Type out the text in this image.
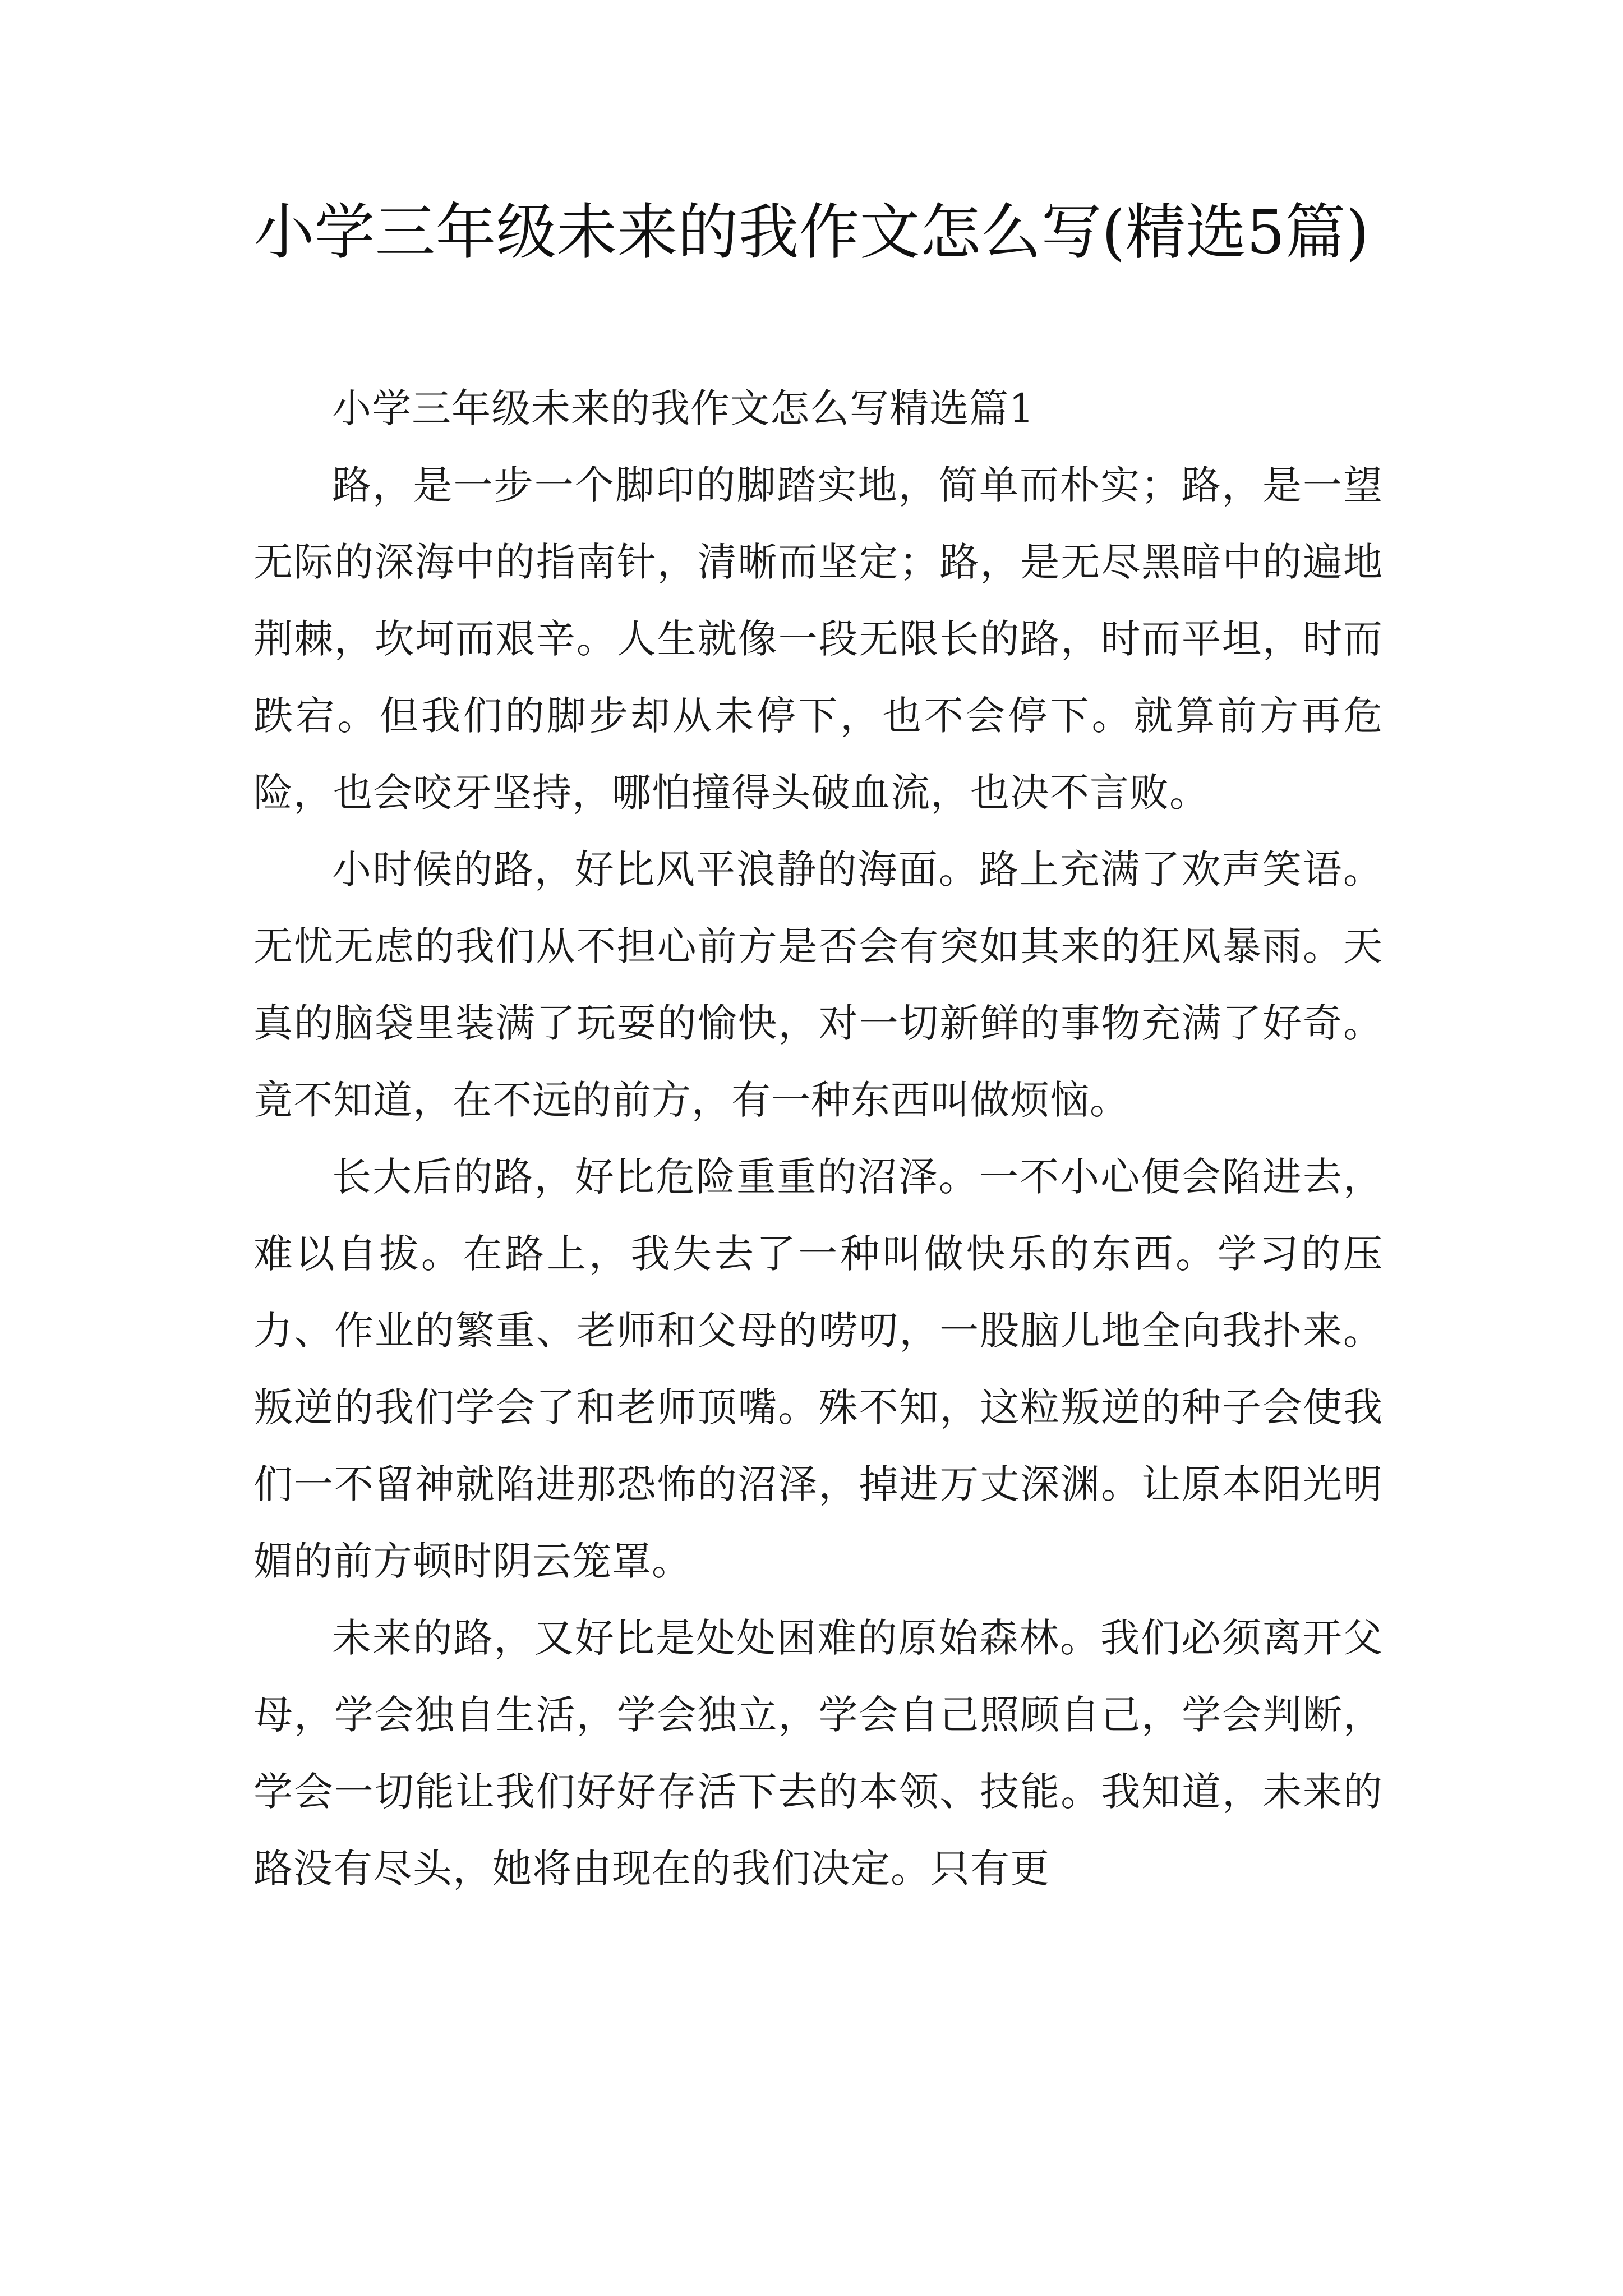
小学三年级未来的我作文怎么写(精选5篇)

小学三年级未来的我作文怎么写精选篇1

路，是一步一个脚印的脚踏实地，简单而朴实；路，是一望无际的深海中的指南针，清晰而坚定；路，是无尽黑暗中的遍地荆棘，坎坷而艰辛。人生就像一段无限长的路，时而平坦，时而跌宕。但我们的脚步却从未停下，也不会停下。就算前方再危险，也会咬牙坚持，哪怕撞得头破血流，也决不言败。

小时候的路，好比风平浪静的海面。路上充满了欢声笑语。无忧无虑的我们从不担心前方是否会有突如其来的狂风暴雨。天真的脑袋里装满了玩耍的愉快，对一切新鲜的事物充满了好奇。竟不知道，在不远的前方，有一种东西叫做烦恼。

长大后的路，好比危险重重的沼泽。一不小心便会陷进去，难以自拔。在路上，我失去了一种叫做快乐的东西。学习的压力、作业的繁重、老师和父母的唠叨，一股脑儿地全向我扑来。叛逆的我们学会了和老师顶嘴。殊不知，这粒叛逆的种子会使我们一不留神就陷进那恐怖的沼泽，掉进万丈深渊。让原本阳光明媚的前方顿时阴云笼罩。

未来的路，又好比是处处困难的原始森林。我们必须离开父母，学会独自生活，学会独立，学会自己照顾自己，学会判断，学会一切能让我们好好存活下去的本领、技能。我知道，未来的路没有尽头，她将由现在的我们决定。只有更
